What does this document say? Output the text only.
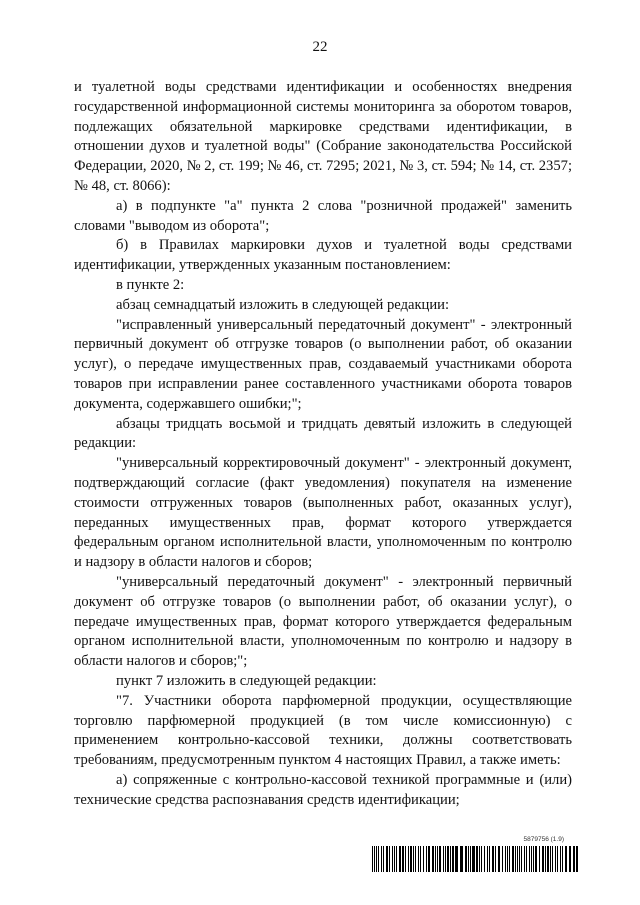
22

и туалетной воды средствами идентификации и особенностях внедрения государственной информационной системы мониторинга за оборотом товаров, подлежащих обязательной маркировке средствами идентификации, в отношении духов и туалетной воды" (Собрание законодательства Российской Федерации, 2020, № 2, ст. 199; № 46, ст. 7295; 2021, № 3, ст. 594; № 14, ст. 2357; № 48, ст. 8066):

а) в подпункте "а" пункта 2 слова "розничной продажей" заменить словами "выводом из оборота";

б) в Правилах маркировки духов и туалетной воды средствами идентификации, утвержденных указанным постановлением:

в пункте 2:

абзац семнадцатый изложить в следующей редакции:

"исправленный универсальный передаточный документ" - электронный первичный документ об отгрузке товаров (о выполнении работ, об оказании услуг), о передаче имущественных прав, создаваемый участниками оборота товаров при исправлении ранее составленного участниками оборота товаров документа, содержавшего ошибки;";

абзацы тридцать восьмой и тридцать девятый изложить в следующей редакции:

"универсальный корректировочный документ" - электронный документ, подтверждающий согласие (факт уведомления) покупателя на изменение стоимости отгруженных товаров (выполненных работ, оказанных услуг), переданных имущественных прав, формат которого утверждается федеральным органом исполнительной власти, уполномоченным по контролю и надзору в области налогов и сборов;

"универсальный передаточный документ" - электронный первичный документ об отгрузке товаров (о выполнении работ, об оказании услуг), о передаче имущественных прав, формат которого утверждается федеральным органом исполнительной власти, уполномоченным по контролю и надзору в области налогов и сборов;";

пункт 7 изложить в следующей редакции:

"7. Участники оборота парфюмерной продукции, осуществляющие торговлю парфюмерной продукцией (в том числе комиссионную) с применением контрольно-кассовой техники, должны соответствовать требованиям, предусмотренным пунктом 4 настоящих Правил, а также иметь:

а) сопряженные с контрольно-кассовой техникой программные и (или) технические средства распознавания средств идентификации;

5879756 (1.9)
